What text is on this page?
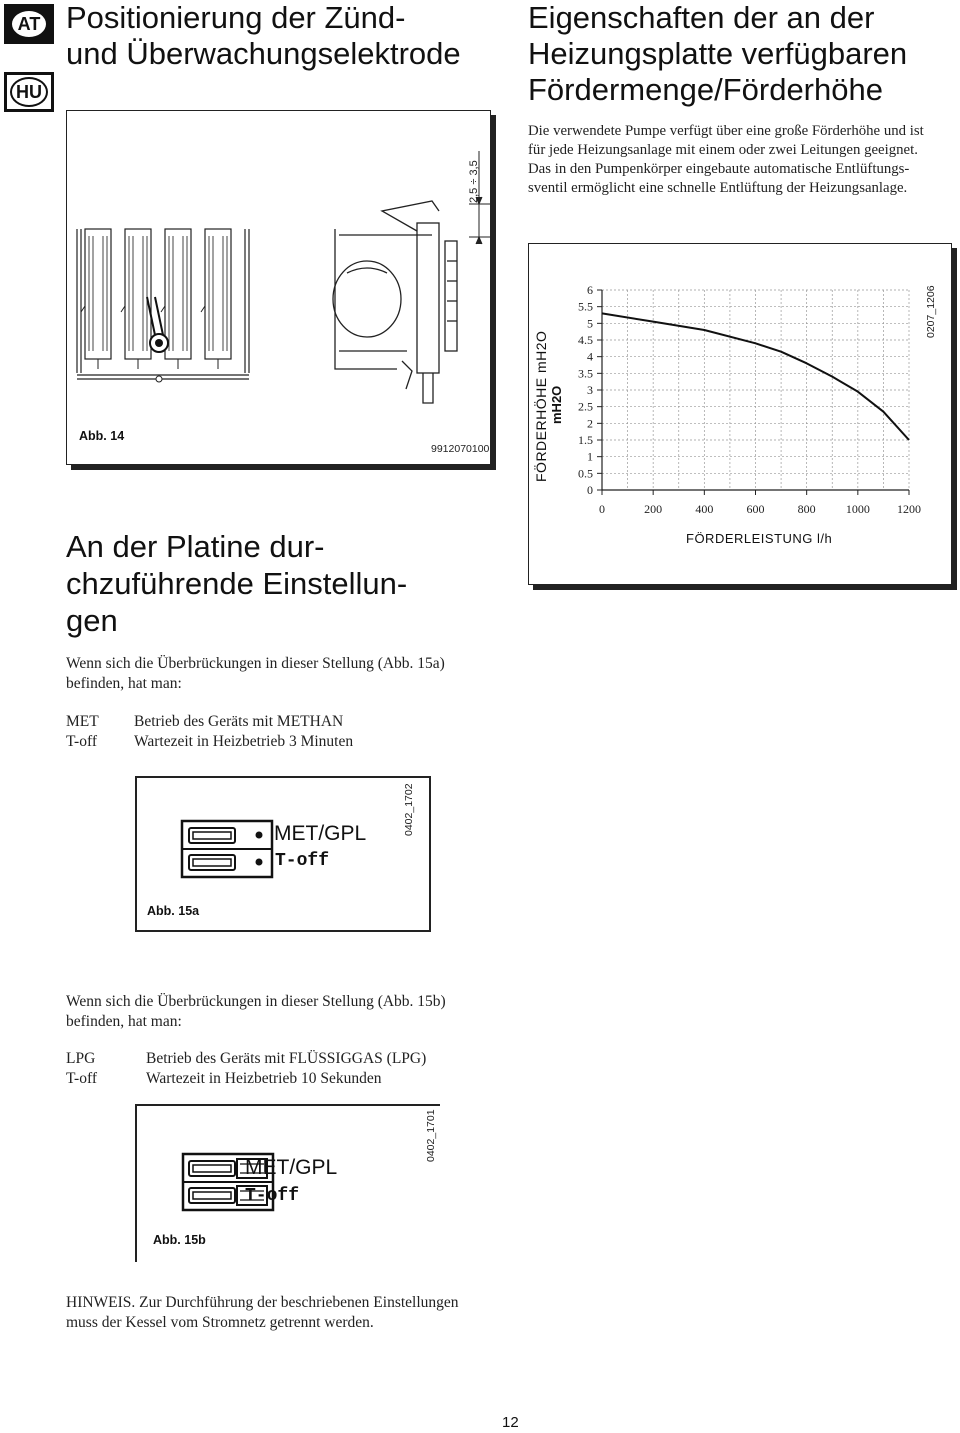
AT
HU
Positionierung der Zünd-
und Überwachungselektrode
Eigenschaften der an der
Heizungsplatte verfügbaren
Fördermenge/Förderhöhe
Die verwendete Pumpe verfügt über eine große Förderhöhe und ist
für jede Heizungsanlage mit einem oder zwei Leitungen geeignet.
Das in den Pumpenkörper eingebaute automatische Entlüftungs-
sventil ermöglicht eine schnelle Entlüftung der Heizungsanlage.
2,5 ÷ 3,5
Abb. 14
9912070100
0
0.5
1
1.5
2
2.5
3
3.5
4
4.5
5
5.5
6
0	200	400	600	800	1000 1200
FÖRDERHÖHE mH2O mH2O
0207_1206
FÖRDERLEISTUNG l/h
An der Platine dur-
chzuführende Einstellun-
gen
Wenn sich die Überbrückungen in dieser Stellung (Abb. 15a)
befinden, hat man:
MET	Betrieb des Geräts mit METHAN
T-off	Wartezeit in Heizbetrieb 3 Minuten
MET/GPL
T-off
0402_1702
Abb. 15a
Wenn sich die Überbrückungen in dieser Stellung (Abb. 15b)
befinden, hat man:
LPG	Betrieb des Geräts mit FLÜSSIGGAS (LPG)
T-off	Wartezeit in Heizbetrieb 10 Sekunden
MET/GPL
T-off
0402_1701
Abb. 15b
HINWEIS. Zur Durchführung der beschriebenen Einstellungen
muss der Kessel vom Stromnetz getrennt werden.
12
